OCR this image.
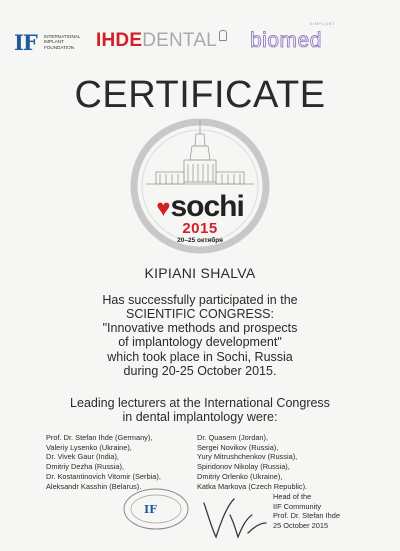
IF INTERNATIONAL
IMPLANT
FOUNDATION	IHDEDENTAL
SIMPLANT
biomed
CERTIFICATE
♥sochi
2015
20–25 октября
KIPIANI SHALVA
Has successfully participated in the
SCIENTIFIC CONGRESS:
"Innovative methods and prospects
of implantology development"
which took place in Sochi, Russia
during 20-25 October 2015.
Leading lecturers at the International Congress
in dental implantology were:
Prof. Dr. Stefan Ihde (Germany),
Valeriy Lysenko (Ukraine),
Dr. Vivek Gaur (India),
Dmitriy Dezha (Russia),
Dr. Kostantinovich Vitomir (Serbia),
Aleksandr Kasshin (Belarus).
Dr. Quasem (Jordan),
Sergei Novikov (Russia),
Yury Mitrushchenkov (Russia),
Spiridonov Nikolay (Russia),
Dmitriy Orlenko (Ukraine),
Katka Markova (Czech Republic).
IF
Head of the
IIF Community
Prof. Dr. Stefan Ihde
25 October 2015
